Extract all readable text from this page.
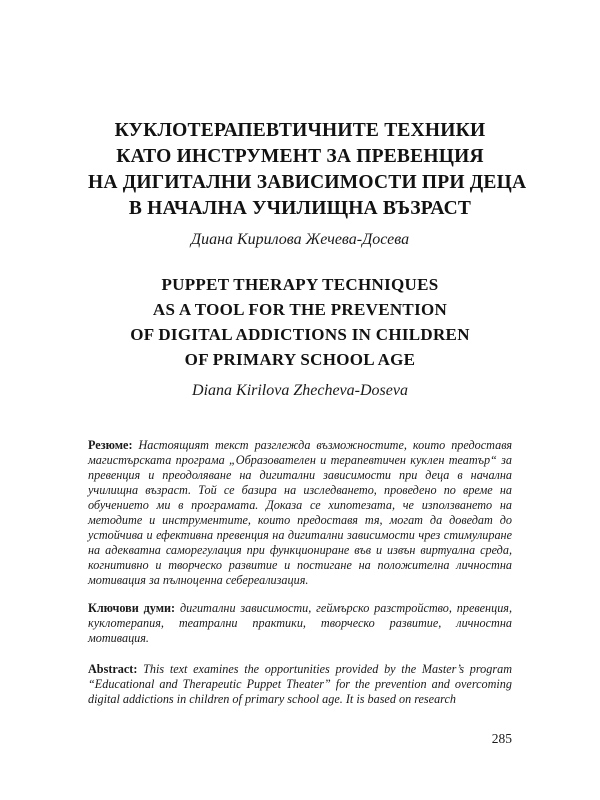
КУКЛОТЕРАПЕВТИЧНИТЕ ТЕХНИКИ
КАТО ИНСТРУМЕНТ ЗА ПРЕВЕНЦИЯ
НА ДИГИТАЛНИ ЗАВИСИМОСТИ ПРИ ДЕЦА
В НАЧАЛНА УЧИЛИЩНА ВЪЗРАСТ
Диана Кирилова Жечева-Досева
PUPPET THERAPY TECHNIQUES
AS A TOOL FOR THE PREVENTION
OF DIGITAL ADDICTIONS IN CHILDREN
OF PRIMARY SCHOOL AGE
Diana Kirilova Zhecheva-Doseva

Резюме: Настоящият текст разглежда възможностите, които предоставя магистърската програма „Образователен и терапевтичен куклен театър“ за превенция и преодоляване на дигитални зависимости при деца в начална училищна възраст. Той се базира на изследването, проведено по време на обучението ми в програмата. Доказа се хипотезата, че използването на методите и инструментите, които предоставя тя, могат да доведат до устойчива и ефективна превенция на дигитални зависимости чрез стимулиране на адекватна саморегулация при функциониране във и извън виртуална среда, когнитивно и творческо развитие и постигане на положителна личностна мотивация за пълноценна себереализация.

Ключови думи: дигитални зависимости, геймърско разстройство, превенция, куклотерапия, театрални практики, творческо развитие, личностна мотивация.

Abstract: This text examines the opportunities provided by the Master’s program “Educational and Therapeutic Puppet Theater” for the prevention and overcoming digital addictions in children of primary school age. It is based on research

285
